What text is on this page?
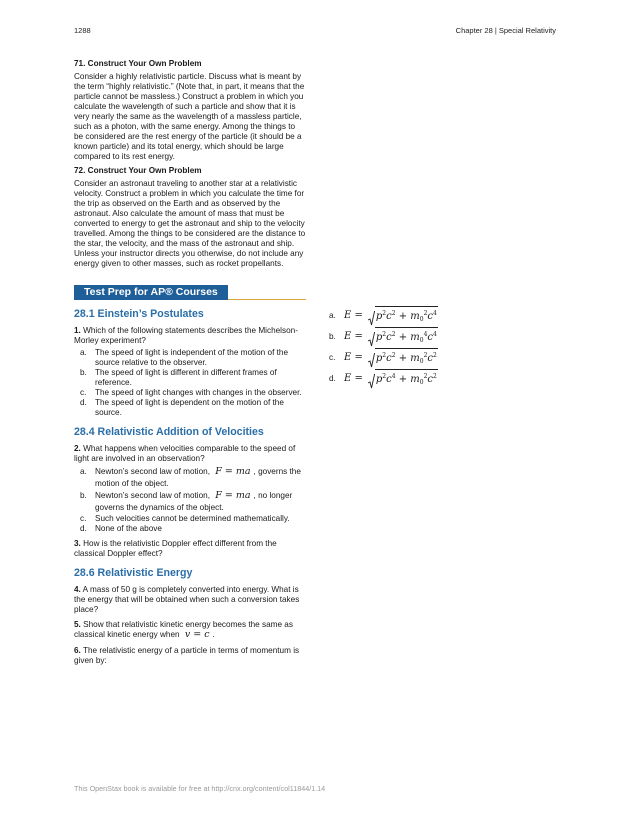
1288	Chapter 28 | Special Relativity

71. Construct Your Own Problem

Consider a highly relativistic particle. Discuss what is meant by the term “highly relativistic.” (Note that, in part, it means that the particle cannot be massless.) Construct a problem in which you calculate the wavelength of such a particle and show that it is very nearly the same as the wavelength of a massless particle, such as a photon, with the same energy. Among the things to be considered are the rest energy of the particle (it should be a known particle) and its total energy, which should be large compared to its rest energy.

72. Construct Your Own Problem

Consider an astronaut traveling to another star at a relativistic velocity. Construct a problem in which you calculate the time for the trip as observed on the Earth and as observed by the astronaut. Also calculate the amount of mass that must be converted to energy to get the astronaut and ship to the velocity travelled. Among the things to be considered are the distance to the star, the velocity, and the mass of the astronaut and ship. Unless your instructor directs you otherwise, do not include any energy given to other masses, such as rocket propellants.

Test Prep for AP® Courses
28.1 Einstein’s Postulates

1. Which of the following statements describes the Michelson-Morley experiment?

a. The speed of light is independent of the motion of the source relative to the observer.
b. The speed of light is different in different frames of reference.
c. The speed of light changes with changes in the observer.
d. The speed of light is dependent on the motion of the source.
28.4 Relativistic Addition of Velocities

2. What happens when velocities comparable to the speed of light are involved in an observation?

a. Newton’s second law of motion, F = ma , governs the motion of the object.
b. Newton’s second law of motion, F = ma , no longer governs the dynamics of the object.
c. Such velocities cannot be determined mathematically.
d. None of the above

3. How is the relativistic Doppler effect different from the classical Doppler effect?

28.6 Relativistic Energy

4. A mass of 50 g is completely converted into energy. What is the energy that will be obtained when such a conversion takes place?

5. Show that relativistic kinetic energy becomes the same as classical kinetic energy when v = c .

6. The relativistic energy of a particle in terms of momentum is given by:

a. $E = p^2c^2 + m_0^2c^4$
b. $E = p^2c^2 + m_0^4c^4$
c. $E = p^2c^2 + m_0^2c^2$
d. $E = p^2c^4 + m_0^2c^2$
This OpenStax book is available for free at http://cnx.org/content/col11844/1.14
